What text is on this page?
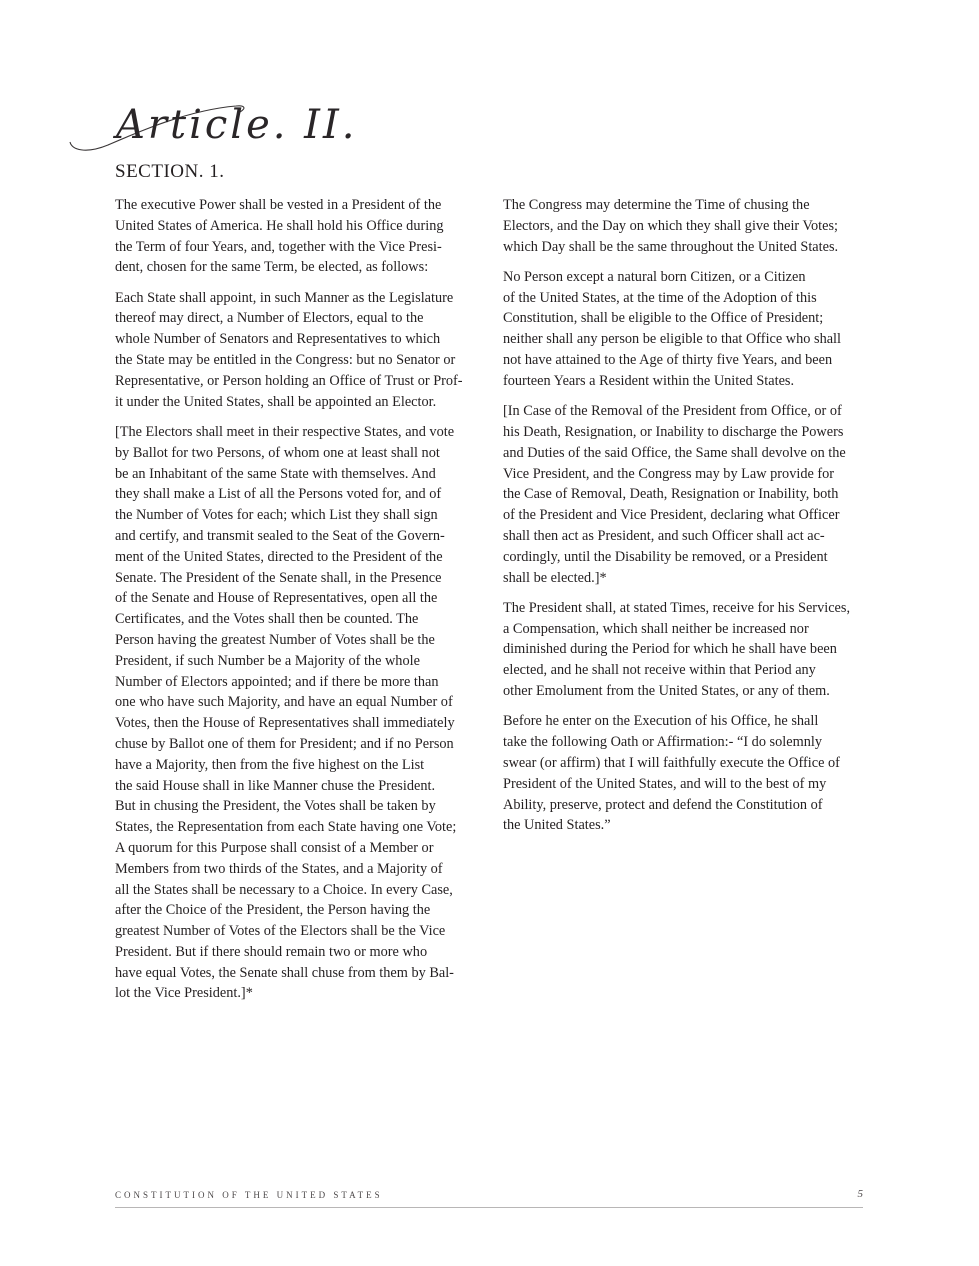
Article. II.
SECTION. 1.

The executive Power shall be vested in a President of the
United States of America. He shall hold his Office during
the Term of four Years, and, together with the Vice Presi-
dent, chosen for the same Term, be elected, as follows:

Each State shall appoint, in such Manner as the Legislature
thereof may direct, a Number of Electors, equal to the
whole Number of Senators and Representatives to which
the State may be entitled in the Congress: but no Senator or
Representative, or Person holding an Office of Trust or Prof-
it under the United States, shall be appointed an Elector.

[The Electors shall meet in their respective States, and vote
by Ballot for two Persons, of whom one at least shall not
be an Inhabitant of the same State with themselves. And
they shall make a List of all the Persons voted for, and of
the Number of Votes for each; which List they shall sign
and certify, and transmit sealed to the Seat of the Govern-
ment of the United States, directed to the President of the
Senate. The President of the Senate shall, in the Presence
of the Senate and House of Representatives, open all the
Certificates, and the Votes shall then be counted. The
Person having the greatest Number of Votes shall be the
President, if such Number be a Majority of the whole
Number of Electors appointed; and if there be more than
one who have such Majority, and have an equal Number of
Votes, then the House of Representatives shall immediately
chuse by Ballot one of them for President; and if no Person
have a Majority, then from the five highest on the List
the said House shall in like Manner chuse the President.
But in chusing the President, the Votes shall be taken by
States, the Representation from each State having one Vote;
A quorum for this Purpose shall consist of a Member or
Members from two thirds of the States, and a Majority of
all the States shall be necessary to a Choice. In every Case,
after the Choice of the President, the Person having the
greatest Number of Votes of the Electors shall be the Vice
President. But if there should remain two or more who
have equal Votes, the Senate shall chuse from them by Bal-
lot the Vice President.]*

The Congress may determine the Time of chusing the
Electors, and the Day on which they shall give their Votes;
which Day shall be the same throughout the United States.

No Person except a natural born Citizen, or a Citizen
of the United States, at the time of the Adoption of this
Constitution, shall be eligible to the Office of President;
neither shall any person be eligible to that Office who shall
not have attained to the Age of thirty five Years, and been
fourteen Years a Resident within the United States.

[In Case of the Removal of the President from Office, or of
his Death, Resignation, or Inability to discharge the Powers
and Duties of the said Office, the Same shall devolve on the
Vice President, and the Congress may by Law provide for
the Case of Removal, Death, Resignation or Inability, both
of the President and Vice President, declaring what Officer
shall then act as President, and such Officer shall act ac-
cordingly, until the Disability be removed, or a President
shall be elected.]*

The President shall, at stated Times, receive for his Services,
a Compensation, which shall neither be increased nor
diminished during the Period for which he shall have been
elected, and he shall not receive within that Period any
other Emolument from the United States, or any of them.

Before he enter on the Execution of his Office, he shall
take the following Oath or Affirmation:- “I do solemnly
swear (or affirm) that I will faithfully execute the Office of
President of the United States, and will to the best of my
Ability, preserve, protect and defend the Constitution of
the United States.”

CONSTITUTION OF THE UNITED STATES	5
